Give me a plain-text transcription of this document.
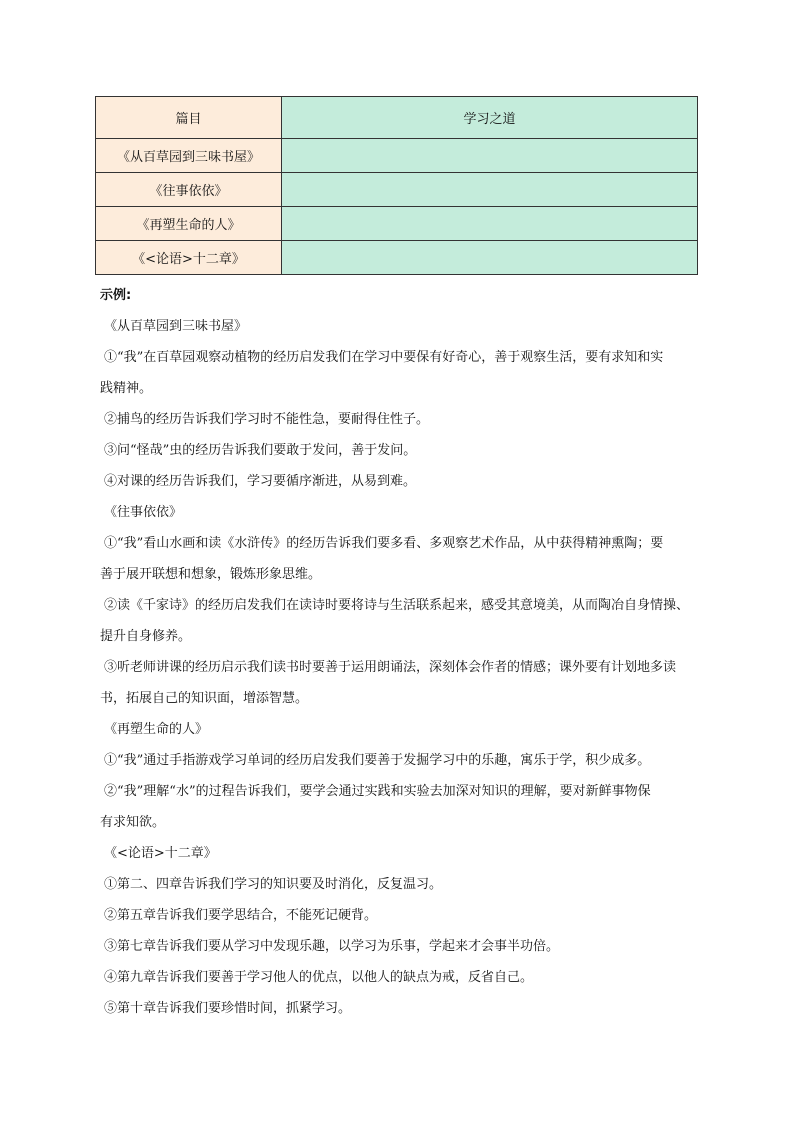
篇目	学习之道
《从百草园到三味书屋》	
《往事依依》	
《再塑生命的人》	
《<论语>十二章》	
示例:
《从百草园到三味书屋》
①“我”在百草园观察动植物的经历启发我们在学习中要保有好奇心，善于观察生活，要有求知和实
践精神。
②捕鸟的经历告诉我们学习时不能性急，要耐得住性子。
③问“怪哉”虫的经历告诉我们要敢于发问，善于发问。
④对课的经历告诉我们，学习要循序渐进，从易到难。
《往事依依》
①“我”看山水画和读《水浒传》的经历告诉我们要多看、多观察艺术作品，从中获得精神熏陶；要
善于展开联想和想象，锻炼形象思维。
②读《千家诗》的经历启发我们在读诗时要将诗与生活联系起来，感受其意境美，从而陶冶自身情操、
提升自身修养。
③听老师讲课的经历启示我们读书时要善于运用朗诵法，深刻体会作者的情感；课外要有计划地多读
书，拓展自己的知识面，增添智慧。
《再塑生命的人》
①“我”通过手指游戏学习单词的经历启发我们要善于发掘学习中的乐趣，寓乐于学，积少成多。
②“我”理解“水”的过程告诉我们，要学会通过实践和实验去加深对知识的理解，要对新鲜事物保
有求知欲。
《<论语>十二章》
①第二、四章告诉我们学习的知识要及时消化，反复温习。
②第五章告诉我们要学思结合，不能死记硬背。
③第七章告诉我们要从学习中发现乐趣，以学习为乐事，学起来才会事半功倍。
④第九章告诉我们要善于学习他人的优点，以他人的缺点为戒，反省自己。
⑤第十章告诉我们要珍惜时间，抓紧学习。
